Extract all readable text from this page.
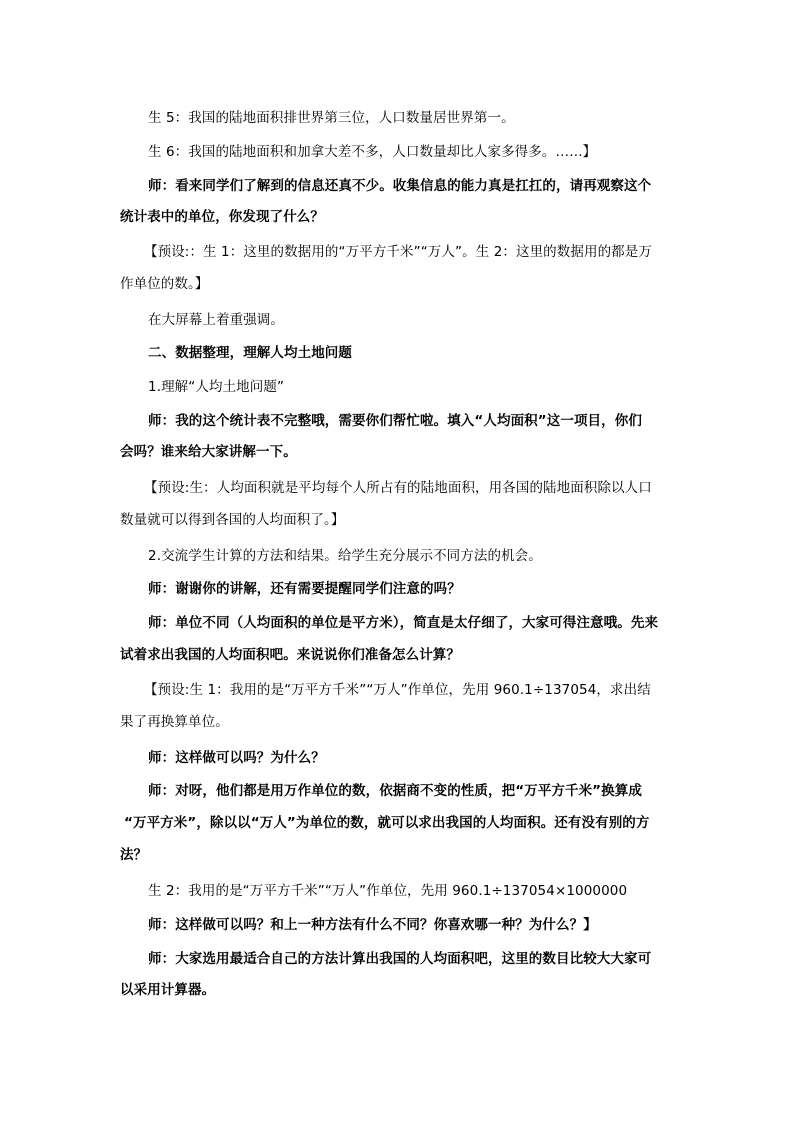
生 5：我国的陆地面积排世界第三位，人口数量居世界第一。
生 6：我国的陆地面积和加拿大差不多，人口数量却比人家多得多。……】
师：看来同学们了解到的信息还真不少。收集信息的能力真是扛扛的，请再观察这个
统计表中的单位，你发现了什么？
【预设:：生 1：这里的数据用的“万平方千米”“万人”。生 2：这里的数据用的都是万
作单位的数。】
在大屏幕上着重强调。
二、数据整理，理解人均土地问题
1.理解“人均土地问题”
师：我的这个统计表不完整哦，需要你们帮忙啦。填入“人均面积”这一项目，你们
会吗？谁来给大家讲解一下。
【预设:生：人均面积就是平均每个人所占有的陆地面积，用各国的陆地面积除以人口
数量就可以得到各国的人均面积了。】
2.交流学生计算的方法和结果。给学生充分展示不同方法的机会。
师：谢谢你的讲解，还有需要提醒同学们注意的吗？
师：单位不同（人均面积的单位是平方米），简直是太仔细了，大家可得注意哦。先来
试着求出我国的人均面积吧。来说说你们准备怎么计算？
【预设:生 1：我用的是“万平方千米”“万人”作单位，先用 960.1÷137054，求出结
果了再换算单位。
师：这样做可以吗？为什么？
师：对呀，他们都是用万作单位的数，依据商不变的性质，把“万平方千米”换算成
“万平方米”，除以以“万人”为单位的数，就可以求出我国的人均面积。还有没有别的方
法？
生 2：我用的是“万平方千米”“万人”作单位，先用 960.1÷137054×1000000
师：这样做可以吗？和上一种方法有什么不同？你喜欢哪一种？为什么？】
师：大家选用最适合自己的方法计算出我国的人均面积吧，这里的数目比较大大家可
以采用计算器。
